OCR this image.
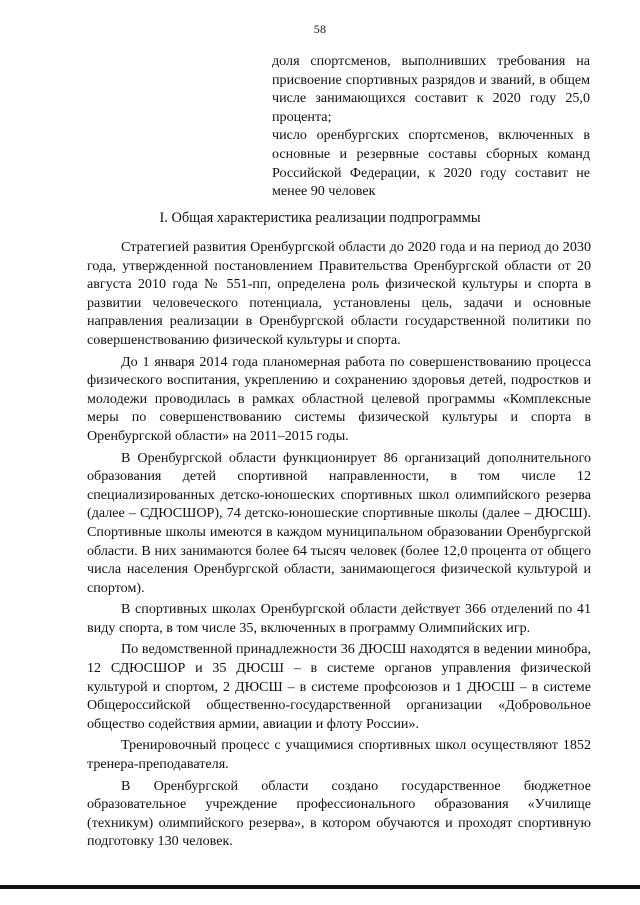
58

доля спортсменов, выполнивших требования на присвоение спортивных разрядов и званий, в общем числе занимающихся составит к 2020 году 25,0 процента;

число оренбургских спортсменов, включенных в основные и резервные составы сборных команд Российской Федерации, к 2020 году составит не менее 90 человек

I. Общая характеристика реализации подпрограммы

Стратегией развития Оренбургской области до 2020 года и на период до 2030 года, утвержденной постановлением Правительства Оренбургской области от 20 августа 2010 года № 551-пп, определена роль физической культуры и спорта в развитии человеческого потенциала, установлены цель, задачи и основные направления реализации в Оренбургской области государственной политики по совершенствованию физической культуры и спорта.

До 1 января 2014 года планомерная работа по совершенствованию процесса физического воспитания, укреплению и сохранению здоровья детей, подростков и молодежи проводилась в рамках областной целевой программы «Комплексные меры по совершенствованию системы физической культуры и спорта в Оренбургской области» на 2011–2015 годы.

В Оренбургской области функционирует 86 организаций дополнительного образования детей спортивной направленности, в том числе 12 специализированных детско-юношеских спортивных школ олимпийского резерва (далее – СДЮСШОР), 74 детско-юношеские спортивные школы (далее – ДЮСШ). Спортивные школы имеются в каждом муниципальном образовании Оренбургской области. В них занимаются более 64 тысяч человек (более 12,0 процента от общего числа населения Оренбургской области, занимающегося физической культурой и спортом).

В спортивных школах Оренбургской области действует 366 отделений по 41 виду спорта, в том числе 35, включенных в программу Олимпийских игр.

По ведомственной принадлежности 36 ДЮСШ находятся в ведении минобра, 12 СДЮСШОР и 35 ДЮСШ – в системе органов управления физической культурой и спортом, 2 ДЮСШ – в системе профсоюзов и 1 ДЮСШ – в системе Общероссийской общественно-государственной организации «Добровольное общество содействия армии, авиации и флоту России».

Тренировочный процесс с учащимися спортивных школ осуществляют 1852 тренера-преподавателя.

В Оренбургской области создано государственное бюджетное образовательное учреждение профессионального образования «Училище (техникум) олимпийского резерва», в котором обучаются и проходят спортивную подготовку 130 человек.
